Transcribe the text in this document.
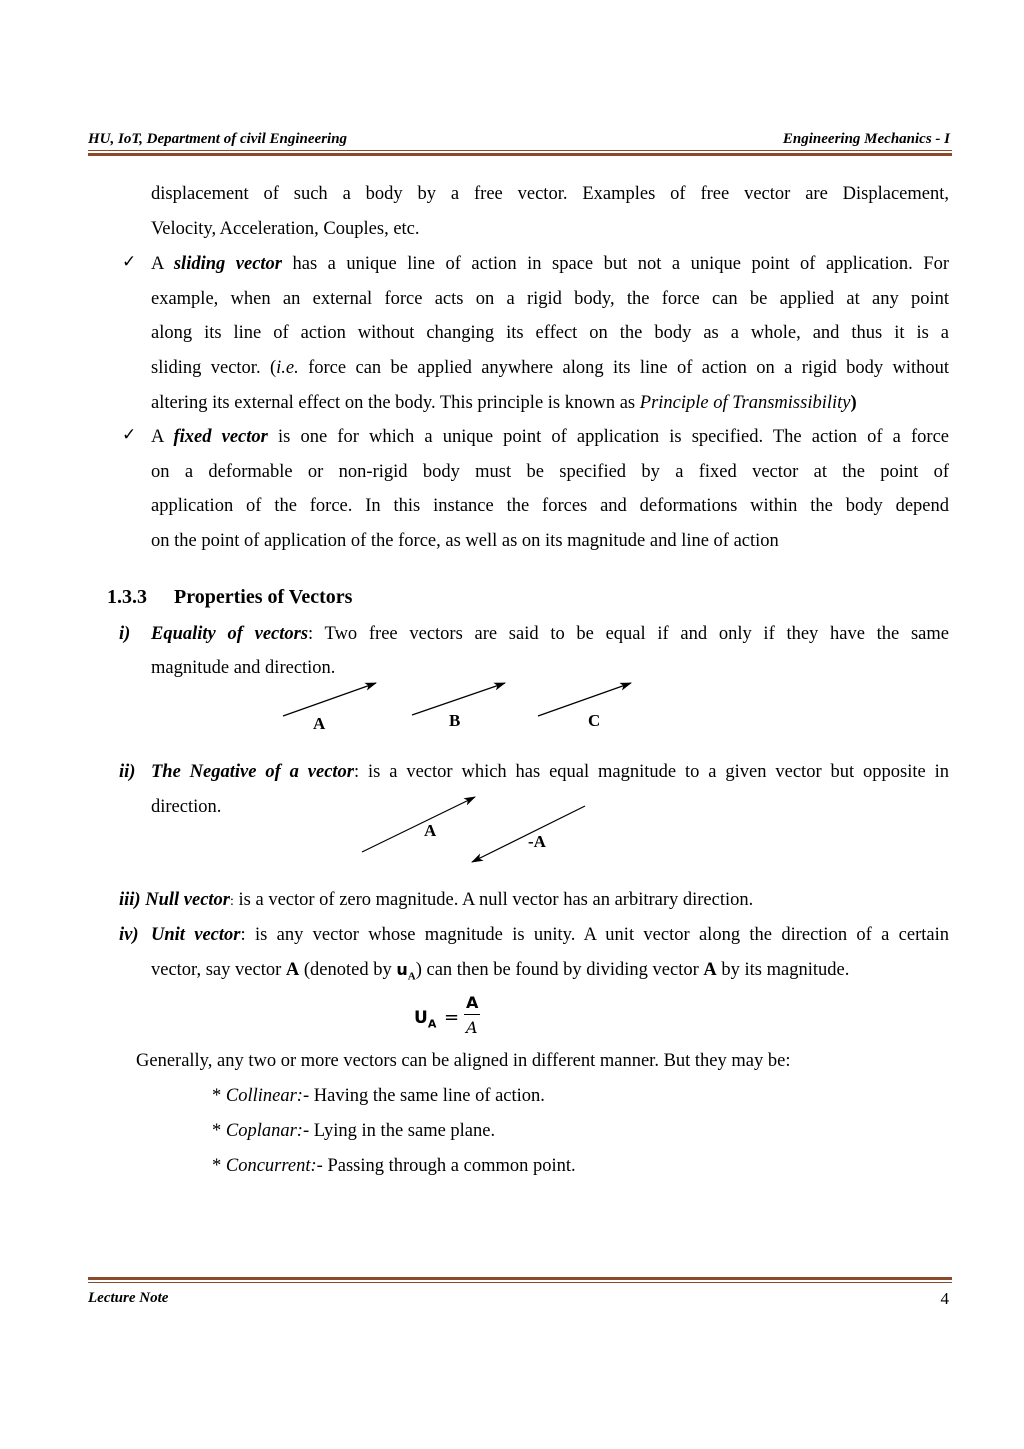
HU, IoT, Department of civil Engineering	Engineering Mechanics - I
displacement of such a body by a free vector. Examples of free vector are Displacement,
Velocity, Acceleration, Couples, etc.
✓ A sliding vector has a unique line of action in space but not a unique point of application. For
example, when an external force acts on a rigid body, the force can be applied at any point
along its line of action without changing its effect on the body as a whole, and thus it is a
sliding vector. (i.e. force can be applied anywhere along its line of action on a rigid body without
altering its external effect on the body. This principle is known as Principle of Transmissibility)
✓ A fixed vector is one for which a unique point of application is specified. The action of a force
on a deformable or non-rigid body must be specified by a fixed vector at the point of
application of the force. In this instance the forces and deformations within the body depend
on the point of application of the force, as well as on its magnitude and line of action
1.3.3 Properties of Vectors
i) Equality of vectors: Two free vectors are said to be equal if and only if they have the same
magnitude and direction.
A	B	C
ii) The Negative of a vector: is a vector which has equal magnitude to a given vector but opposite in
direction.
A
-A
iii) Null vector: is a vector of zero magnitude. A null vector has an arbitrary direction.
iv) Unit vector: is any vector whose magnitude is unity. A unit vector along the direction of a certain
vector, say vector A (denoted by $u_A$) can then be found by dividing vector A by its magnitude.
$U_A$ =
A
A
Generally, any two or more vectors can be aligned in different manner. But they may be:
* Collinear:- Having the same line of action.
* Coplanar:- Lying in the same plane.
* Concurrent:- Passing through a common point.
Lecture Note	4
